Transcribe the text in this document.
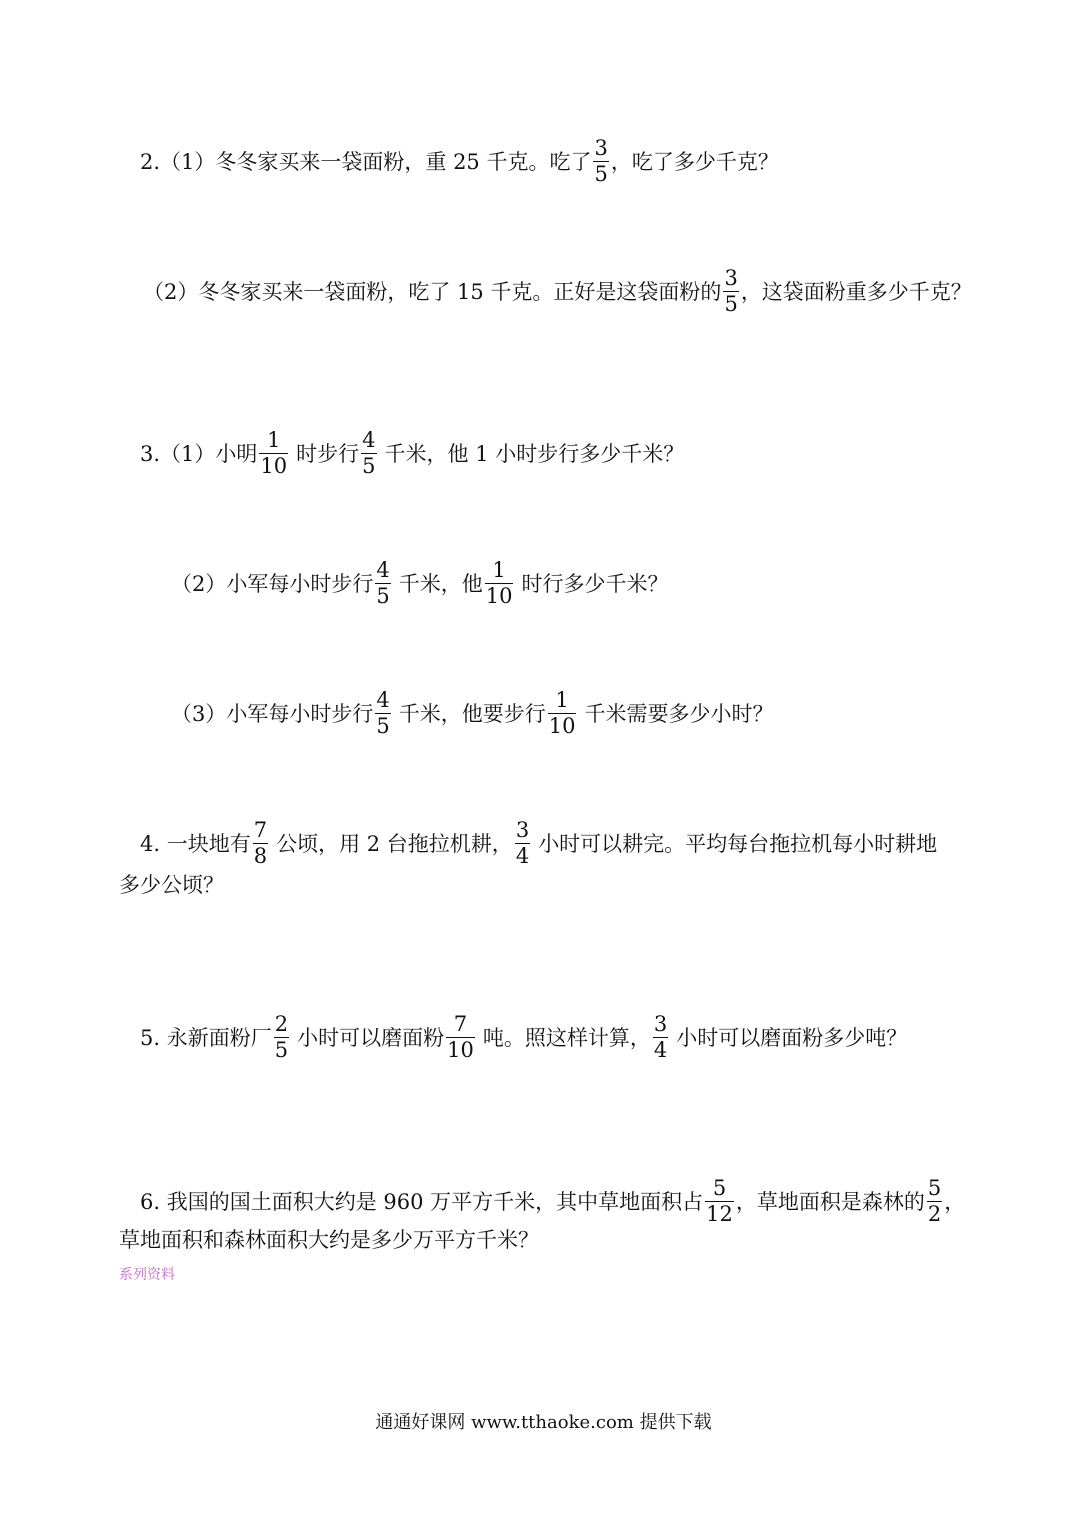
2.（1）冬冬家买来一袋面粉，重 25 千克。吃了 $\frac{3}{5}$ ，吃了多少千克？
（2）冬冬家买来一袋面粉，吃了 15 千克。正好是这袋面粉的 $\frac{3}{5}$ ，这袋面粉重多少千克？
3.（1）小明 $\frac{1}{10}$ 时步行 $\frac{4}{5}$ 千米，他 1 小时步行多少千米？
（2）小军每小时步行 $\frac{4}{5}$ 千米，他 $\frac{1}{10}$ 时行多少千米？
（3）小军每小时步行 $\frac{4}{5}$ 千米，他要步行 $\frac{1}{10}$ 千米需要多少小时？
4. 一块地有 $\frac{7}{8}$ 公顷，用 2 台拖拉机耕， $\frac{3}{4}$ 小时可以耕完。平均每台拖拉机每小时耕地
多少公顷？
5. 永新面粉厂 $\frac{2}{5}$ 小时可以磨面粉 $\frac{7}{10}$ 吨。照这样计算， $\frac{3}{4}$ 小时可以磨面粉多少吨？
6. 我国的国土面积大约是 960 万平方千米，其中草地面积占 $\frac{5}{12}$ ，草地面积是森林的 $\frac{5}{2}$ ，
草地面积和森林面积大约是多少万平方千米？
系列资料
通通好课网 www.tthaoke.com 提供下载
